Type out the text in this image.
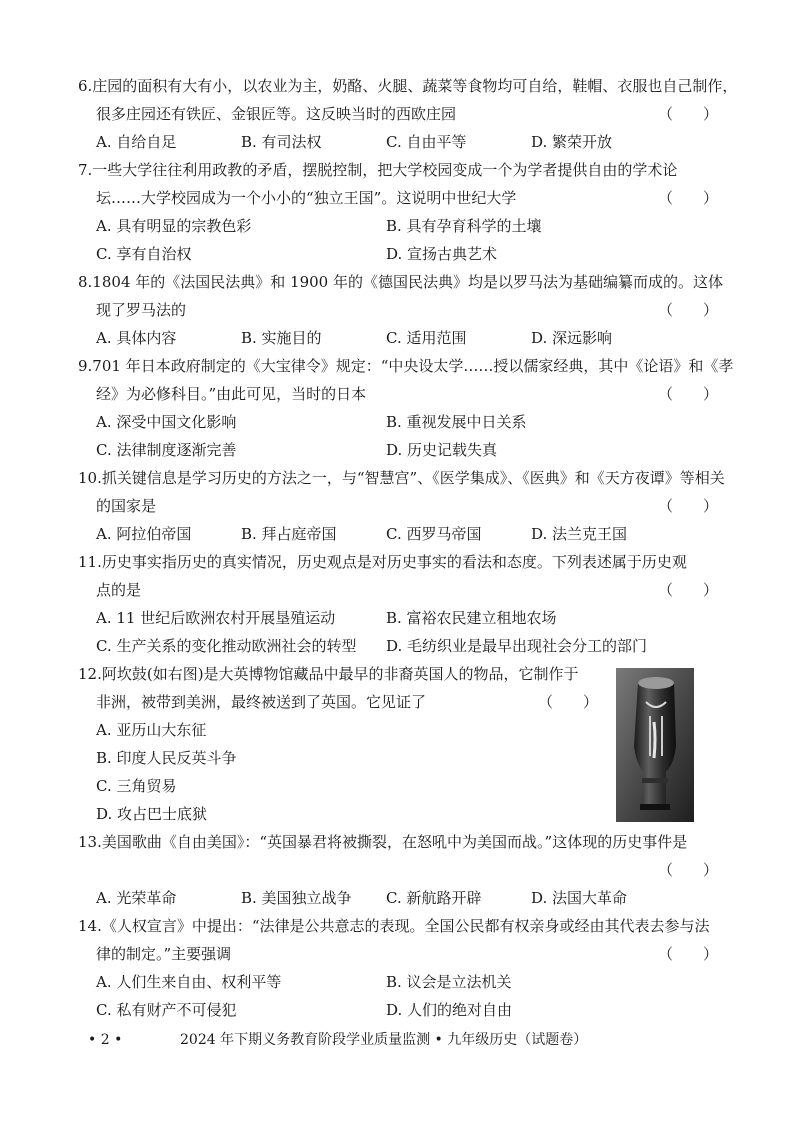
6.庄园的面积有大有小，以农业为主，奶酪、火腿、蔬菜等食物均可自给，鞋帽、衣服也自己制作，
很多庄园还有铁匠、金银匠等。这反映当时的西欧庄园	（　　）
A. 自给自足	B. 有司法权	C. 自由平等	D. 繁荣开放
7.一些大学往往利用政教的矛盾，摆脱控制，把大学校园变成一个为学者提供自由的学术论
坛……大学校园成为一个小小的“独立王国”。这说明中世纪大学	（　　）
A. 具有明显的宗教色彩	B. 具有孕育科学的土壤
C. 享有自治权	D. 宣扬古典艺术
8.1804 年的《法国民法典》和 1900 年的《德国民法典》均是以罗马法为基础编纂而成的。这体
现了罗马法的	（　　）
A. 具体内容	B. 实施目的	C. 适用范围	D. 深远影响
9.701 年日本政府制定的《大宝律令》规定：“中央设太学……授以儒家经典，其中《论语》和《孝
经》为必修科目。”由此可见，当时的日本	（　　）
A. 深受中国文化影响	B. 重视发展中日关系
C. 法律制度逐渐完善	D. 历史记载失真
10.抓关键信息是学习历史的方法之一，与“智慧宫”、《医学集成》、《医典》和《天方夜谭》等相关
的国家是	（　　）
A. 阿拉伯帝国	B. 拜占庭帝国	C. 西罗马帝国	D. 法兰克王国
11.历史事实指历史的真实情况，历史观点是对历史事实的看法和态度。下列表述属于历史观
点的是	（　　）
A. 11 世纪后欧洲农村开展垦殖运动	B. 富裕农民建立租地农场
C. 生产关系的变化推动欧洲社会的转型	D. 毛纺织业是最早出现社会分工的部门
12.阿坎鼓(如右图)是大英博物馆藏品中最早的非裔英国人的物品，它制作于
非洲，被带到美洲，最终被送到了英国。它见证了	（　　）
A. 亚历山大东征
B. 印度人民反英斗争
C. 三角贸易
D. 攻占巴士底狱
13.美国歌曲《自由美国》：“英国暴君将被撕裂，在怒吼中为美国而战。”这体现的历史事件是
（　　）
A. 光荣革命	B. 美国独立战争	C. 新航路开辟	D. 法国大革命
14.《人权宣言》中提出：“法律是公共意志的表现。全国公民都有权亲身或经由其代表去参与法
律的制定。”主要强调	（　　）
A. 人们生来自由、权利平等	B. 议会是立法机关
C. 私有财产不可侵犯	D. 人们的绝对自由
• 2 •	2024 年下期义务教育阶段学业质量监测 • 九年级历史（试题卷）
